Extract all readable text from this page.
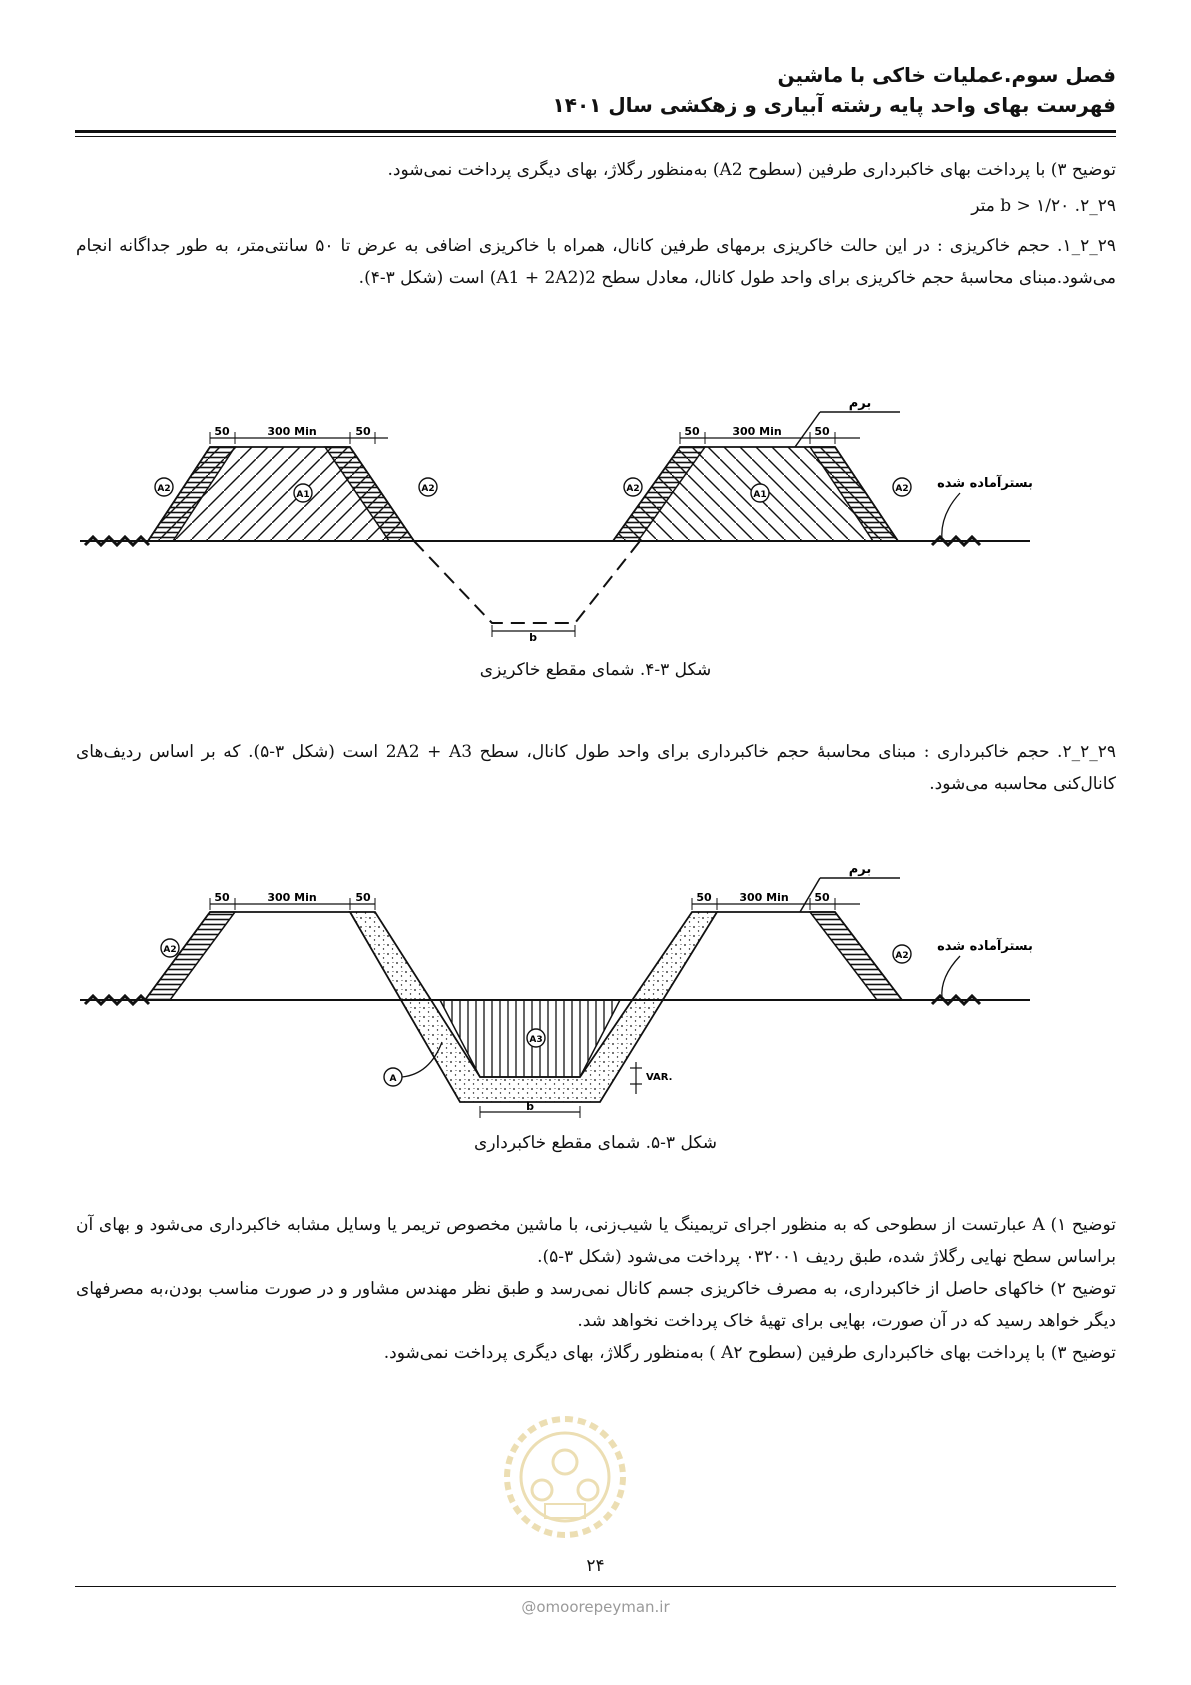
فصل سوم.عملیات خاکی با ماشین
فهرست بهای واحد پایه رشته آبیاری و زهکشی سال ۱۴۰۱
توضیح ۳) با پرداخت بهای خاکبرداری طرفین (سطوح A2) به‌منظور رگلاژ، بهای دیگری پرداخت نمی‌شود.
۲۹_۲. b > ۱/۲۰ متر
۲۹_۲_۱. حجم خاکریزی : در این حالت خاکریزی برمهای طرفین کانال، همراه با خاکریزی اضافی به عرض تا ۵۰ سانتی‌متر، به طور جداگانه انجام می‌شود.مبنای محاسبهٔ حجم خاکریزی برای واحد طول کانال، معادل سطح 2(A1 + 2A2) است (شکل ۳-۴).
50	300 Min	50	50	300 Min	50
برم
بسترآماده شده
A2
A1
A2	A2
A1
A2
b
شکل ۳-۴. شمای مقطع خاکریزی
۲۹_۲_۲. حجم خاکبرداری : مبنای محاسبهٔ حجم خاکبرداری برای واحد طول کانال، سطح 2A2 + A3 است (شکل ۳-۵). که بر اساس ردیف‌های کانال‌کنی محاسبه می‌شود.
50	300 Min	50	50	300 Min 50
برم
بسترآماده شده
A2
A2
A3
A	VAR.
b
شکل ۳-۵. شمای مقطع خاکبرداری
توضیح ۱) A عبارتست از سطوحی که به منظور اجرای تریمینگ یا شیب‌زنی، با ماشین مخصوص تریمر یا وسایل مشابه خاکبرداری می‌شود و بهای آن براساس سطح نهایی رگلاژ شده، طبق ردیف ۰۳۲۰۰۱ پرداخت می‌شود (شکل ۳-۵).
توضیح ۲) خاکهای حاصل از خاکبرداری، به مصرف خاکریزی جسم کانال نمی‌رسد و طبق نظر مهندس مشاور و در صورت مناسب بودن،به مصرفهای دیگر خواهد رسید که در آن صورت، بهایی برای تهیهٔ خاک پرداخت نخواهد شد.
توضیح ۳) با پرداخت بهای خاکبرداری طرفین (سطوح A۲ ) به‌منظور رگلاژ، بهای دیگری پرداخت نمی‌شود.
۲۴
@omoorepeyman.ir
